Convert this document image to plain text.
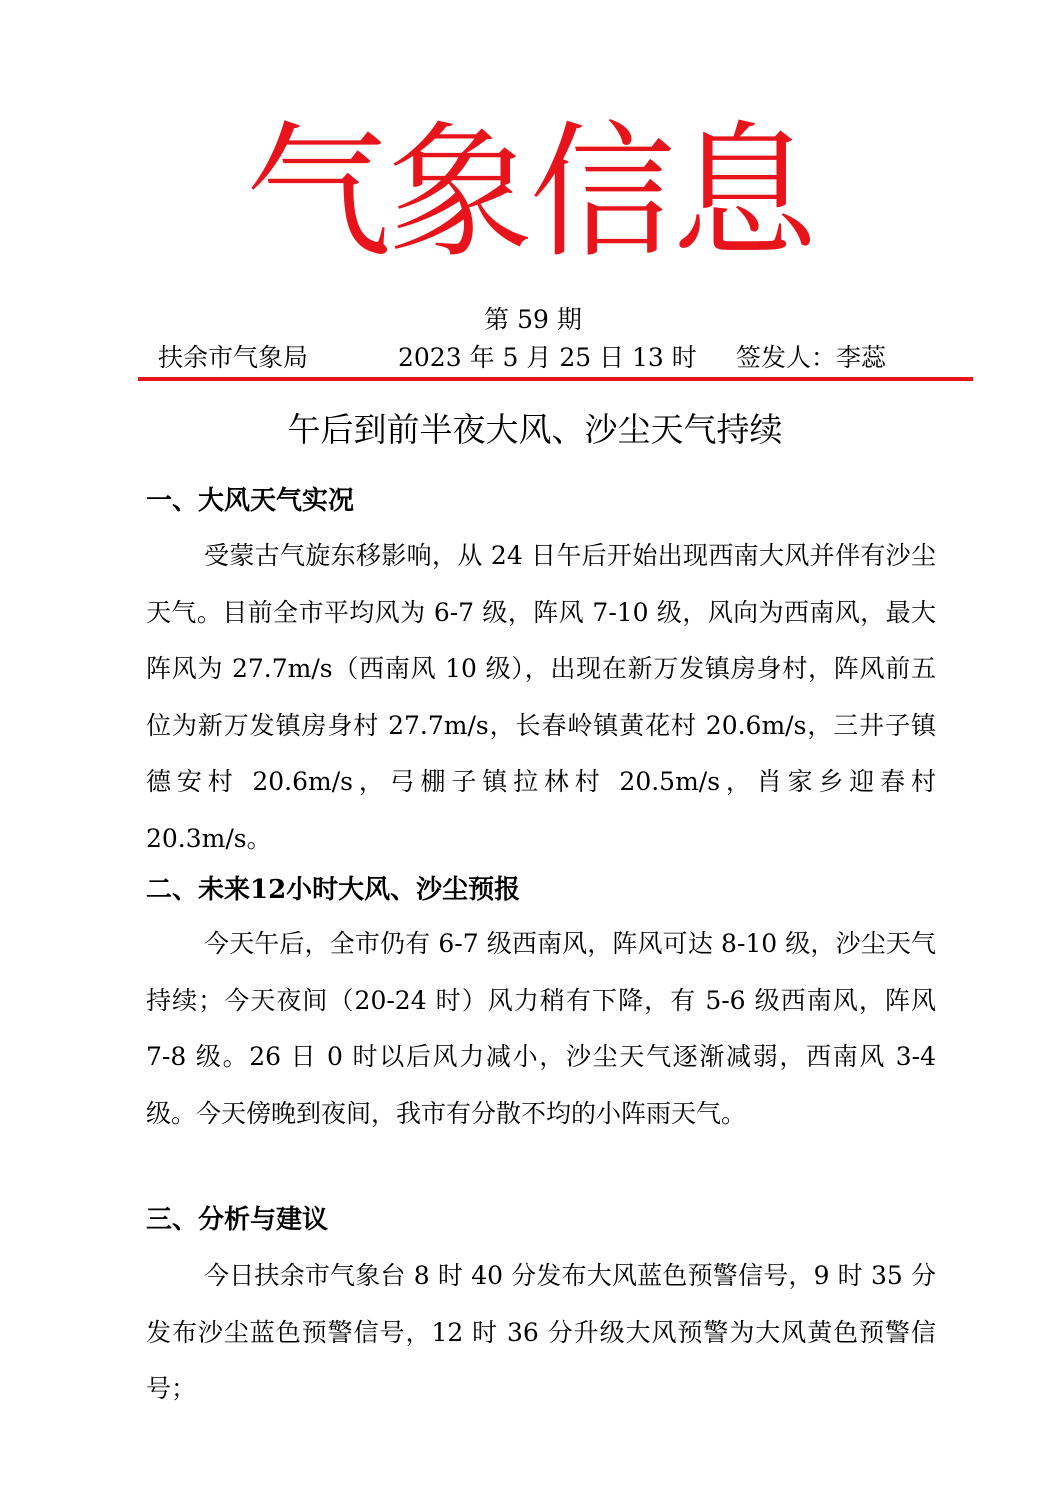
气象信息
第 59 期
扶余市气象局	2023 年 5 月 25 日 13 时 签发人：李蕊
午后到前半夜大风、沙尘天气持续
一、大风天气实况

受蒙古气旋东移影响，从 24 日午后开始出现西南大风并伴有沙尘天气。目前全市平均风为 6-7 级，阵风 7-10 级，风向为西南风，最大阵风为 27.7m/s（西南风 10 级），出现在新万发镇房身村，阵风前五位为新万发镇房身村 27.7m/s，长春岭镇黄花村 20.6m/s，三井子镇德安村 20.6m/s，弓棚子镇拉林村 20.5m/s，肖家乡迎春村 20.3m/s。

二、未来12小时大风、沙尘预报

今天午后，全市仍有 6-7 级西南风，阵风可达 8-10 级，沙尘天气持续；今天夜间（20-24 时）风力稍有下降，有 5-6 级西南风，阵风 7-8 级。26 日 0 时以后风力减小，沙尘天气逐渐减弱，西南风 3-4 级。今天傍晚到夜间，我市有分散不均的小阵雨天气。

三、分析与建议

今日扶余市气象台 8 时 40 分发布大风蓝色预警信号，9 时 35 分发布沙尘蓝色预警信号，12 时 36 分升级大风预警为大风黄色预警信号；
